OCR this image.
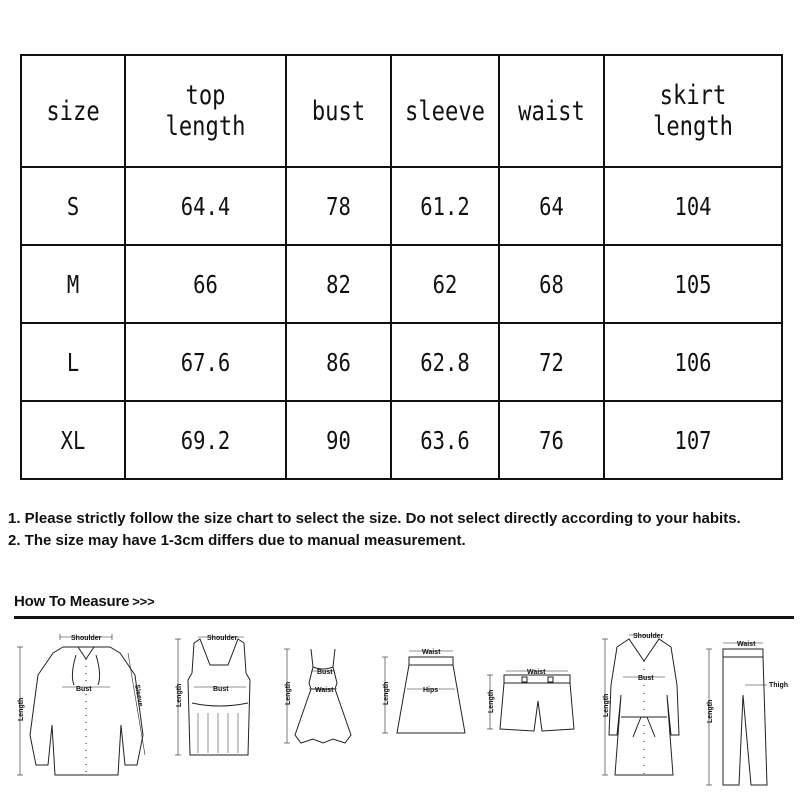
size	top length	bust	sleeve	waist	skirt length
S	64.4	78	61.2	64	104
M	66	82	62	68	105
L	67.6	86	62.8	72	106
XL	69.2	90	63.6	76	107

1. Please strictly follow the size chart to select the size. Do not select directly according to your habits.

2. The size may have 1-3cm differs due to manual measurement.

How To Measure >>>
Shoulder
Bust	Sleeve
Length
Shoulder
Bust
Length
Bust
Waist
Length
Waist
Hips
Length
Waist
Length
Shoulder
Bust
Length
Waist
Thigh
Length
